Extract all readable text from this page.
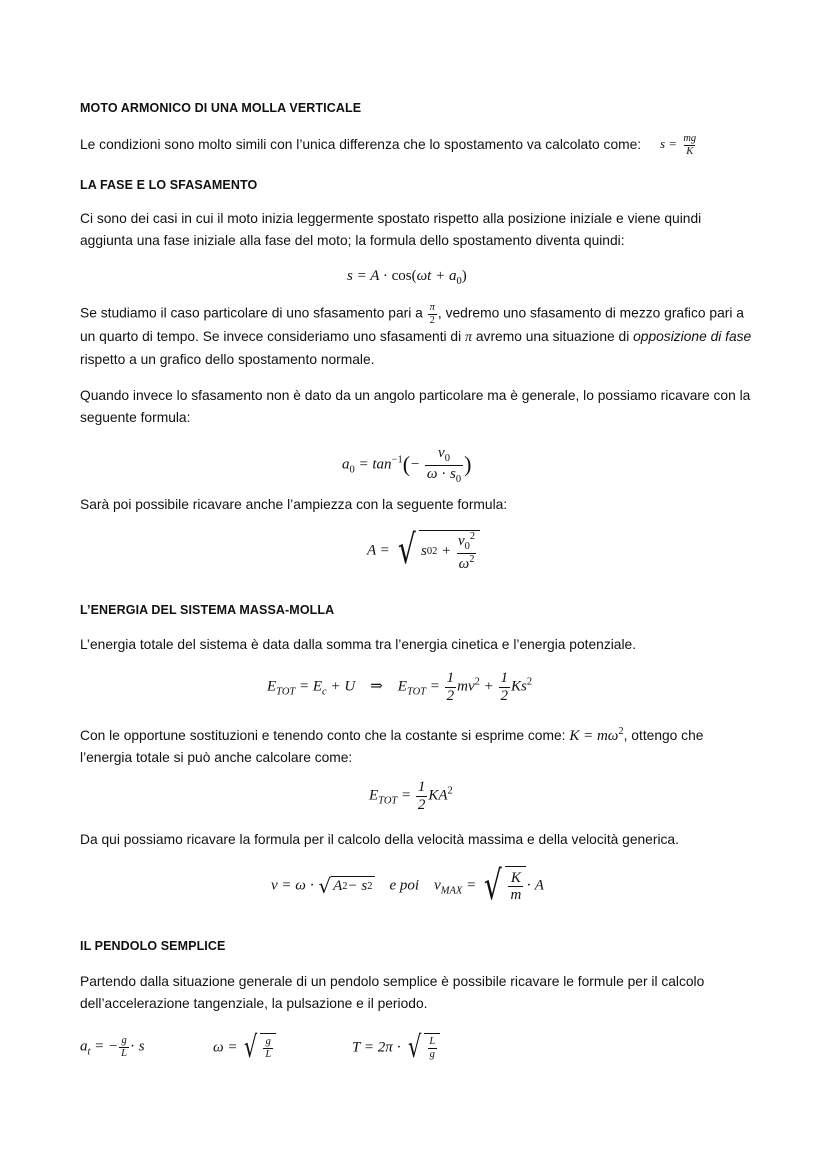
MOTO ARMONICO DI UNA MOLLA VERTICALE
Le condizioni sono molto simili con l’unica differenza che lo spostamento va calcolato come:	$s = \frac{mg}{K}$
LA FASE E LO SFASAMENTO
Ci sono dei casi in cui il moto inizia leggermente spostato rispetto alla posizione iniziale e viene quindi aggiunta una fase iniziale alla fase del moto; la formula dello spostamento diventa quindi:
$s = A \cdot \cos(\omega t + a_0)$
Se studiamo il caso particolare di uno sfasamento pari a $\frac{\pi}{2}$ , vedremo uno sfasamento di mezzo grafico pari a un quarto di tempo. Se invece consideriamo uno sfasamenti di π avremo una situazione di opposizione di fase rispetto a un grafico dello spostamento normale.
Quando invece lo sfasamento non è dato da un angolo particolare ma è generale, lo possiamo ricavare con la seguente formula:
$a_0 = \tan^{-1}(- \frac{v_0}{\omega \cdot s_0}$ )
Sarà poi possibile ricavare anche l’ampiezza con la seguente formula:
A = √ s 0 $2 + \frac{v_0^2}{\omega^2}$
L’ENERGIA DEL SISTEMA MASSA-MOLLA
L’energia totale del sistema è data dalla somma tra l’energia cinetica e l’energia potenziale.
$E_{TOT} = E_c + U$    ⇒    $E_{TOT} = \frac{1}{2} mv^2 + \frac{1}{2} Ks^2$
Con le opportune sostituzioni e tenendo conto che la costante si esprime come: $K = m\omega^2$, ottengo che l’energia totale si può anche calcolare come:
$E_{TOT} = \frac{1}{2} KA^2$
Da qui possiamo ricavare la formula per il calcolo della velocità massima e della velocità generica.
v = ω · √ A 2 − s 2 e poi    $v_{MAX}$ = √ $\frac{K}{m} \cdot A$
IL PENDOLO SEMPLICE
Partendo dalla situazione generale di un pendolo semplice è possibile ricavare le formule per il calcolo dell’accelerazione tangenziale, la pulsazione e il periodo.
$a_t$ = − $\frac{g}{L} \cdot s$	ω = √ $\frac{g}{L}$	T = 2π · √ $\frac{L}{g}$
